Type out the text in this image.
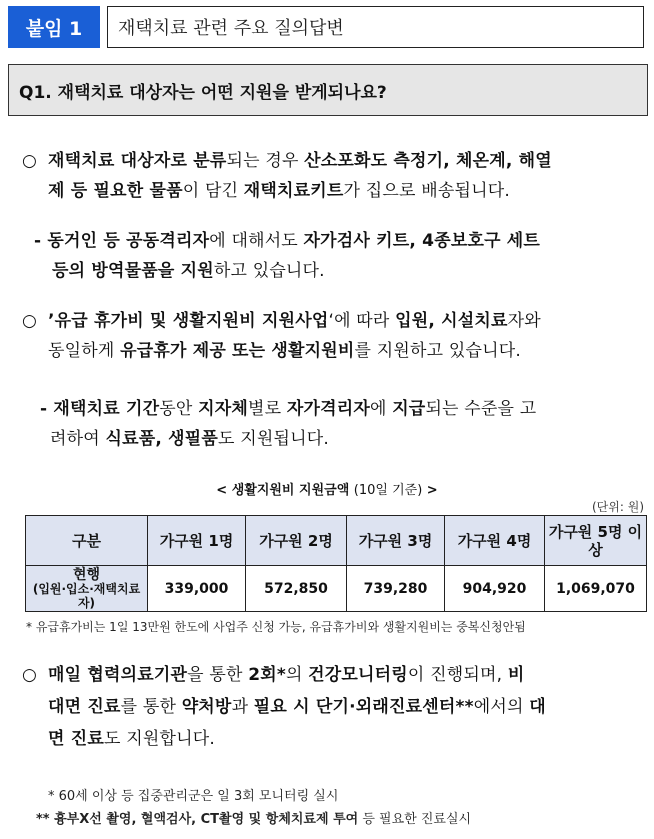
붙임 1	재택치료 관련 주요 질의답변
Q1. 재택치료 대상자는 어떤 지원을 받게되나요?
○ 재택치료 대상자로 분류되는 경우 산소포화도 측정기, 체온계, 해열
제 등 필요한 물품이 담긴 재택치료키트가 집으로 배송됩니다.
- 동거인 등 공동격리자에 대해서도 자가검사 키트, 4종보호구 세트
등의 방역물품을 지원하고 있습니다.
○ ’유급 휴가비 및 생활지원비 지원사업‘에 따라 입원, 시설치료자와
동일하게 유급휴가 제공 또는 생활지원비를 지원하고 있습니다.
- 재택치료 기간동안 지자체별로 자가격리자에 지급되는 수준을 고
려하여 식료품, 생필품도 지원됩니다.
< 생활지원비 지원금액 (10일 기준) >
(단위: 원)
구분	가구원 1명	가구원 2명	가구원 3명	가구원 4명	가구원 5명 이상

현행
(입원·입소·재택치료자)	339,000	572,850	739,280	904,920	1,069,070
* 유급휴가비는 1일 13만원 한도에 사업주 신청 가능, 유급휴가비와 생활지원비는 중복신청안됨
○ 매일 협력의료기관을 통한 2회*의 건강모니터링이 진행되며, 비
대면 진료를 통한 약처방과 필요 시 단기·외래진료센터**에서의 대
면 진료도 지원합니다.
* 60세 이상 등 집중관리군은 일 3회 모니터링 실시
** 흉부X선 촬영, 혈액검사, CT촬영 및 항체치료제 투여 등 필요한 진료실시
